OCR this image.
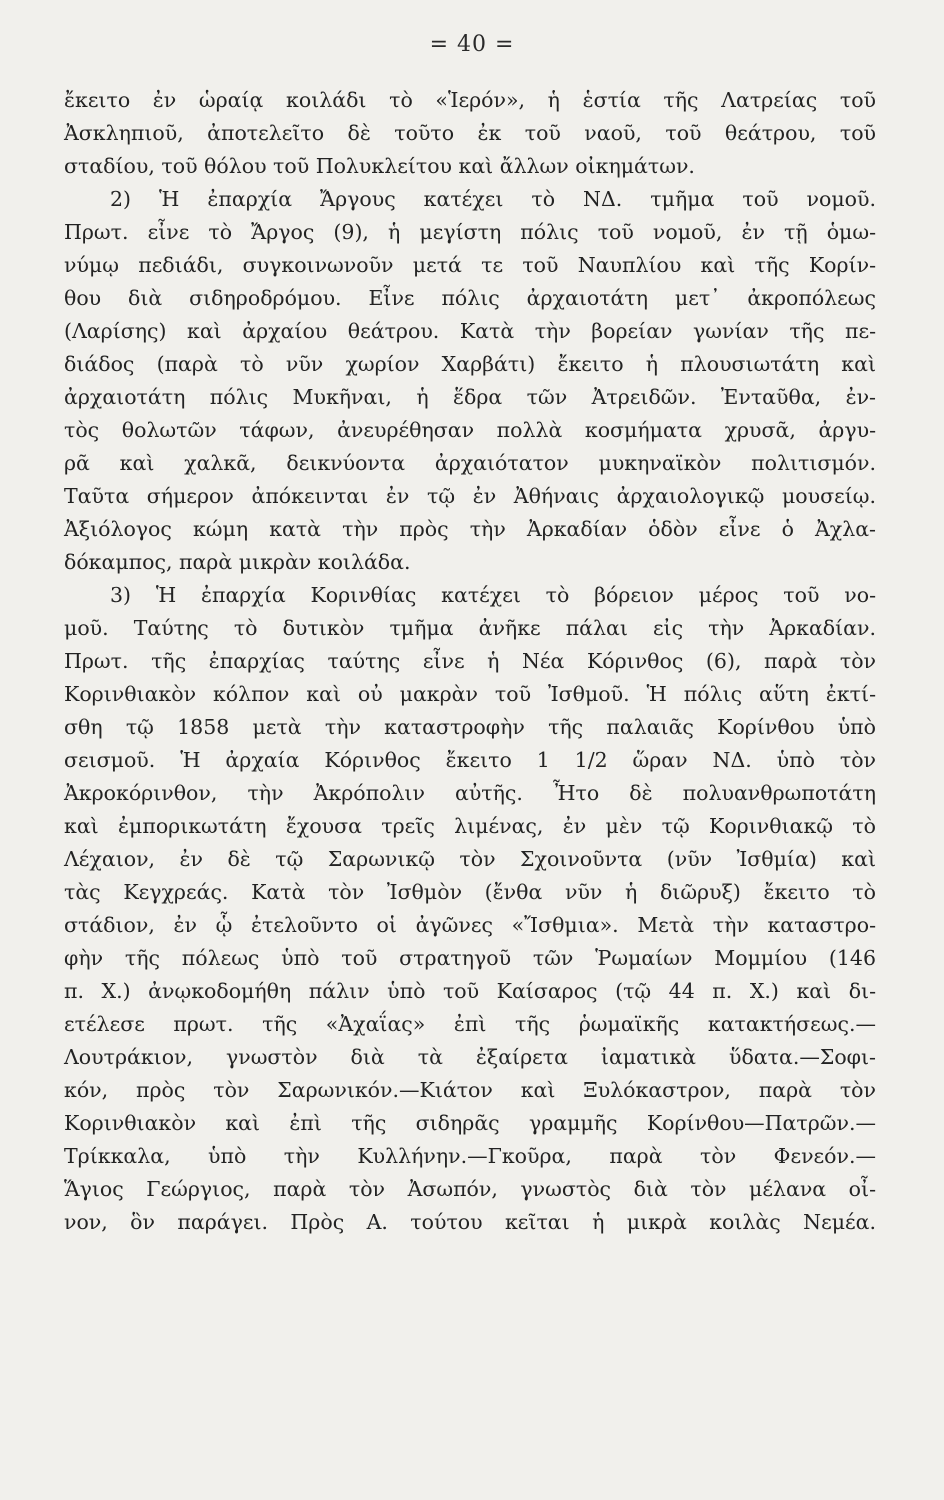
= 40 =
ἔκειτο ἐν ὡραίᾳ κοιλάδι τὸ «Ἱερόν», ἡ ἑστία τῆς Λατρείας τοῦ
Ἀσκληπιοῦ, ἀποτελεῖτο δὲ τοῦτο ἐκ τοῦ ναοῦ, τοῦ θεάτρου, τοῦ
σταδίου, τοῦ θόλου τοῦ Πολυκλείτου καὶ ἄλλων οἰκημάτων.
2) Ἡ ἐπαρχία Ἄργους κατέχει τὸ ΝΔ. τμῆμα τοῦ νομοῦ.
Πρωτ. εἶνε τὸ Ἄργος (9), ἡ μεγίστη πόλις τοῦ νομοῦ, ἐν τῇ ὁμω-
νύμῳ πεδιάδι, συγκοινωνοῦν μετά τε τοῦ Ναυπλίου καὶ τῆς Κορίν-
θου διὰ σιδηροδρόμου. Εἶνε πόλις ἀρχαιοτάτη μετ᾽ ἀκροπόλεως
(Λαρίσης) καὶ ἀρχαίου θεάτρου. Κατὰ τὴν βορείαν γωνίαν τῆς πε-
διάδος (παρὰ τὸ νῦν χωρίον Χαρβάτι) ἔκειτο ἡ πλουσιωτάτη καὶ
ἀρχαιοτάτη πόλις Μυκῆναι, ἡ ἕδρα τῶν Ἀτρειδῶν. Ἐνταῦθα, ἐν-
τὸς θολωτῶν τάφων, ἀνευρέθησαν πολλὰ κοσμήματα χρυσᾶ, ἀργυ-
ρᾶ καὶ χαλκᾶ, δεικνύοντα ἀρχαιότατον μυκηναϊκὸν πολιτισμόν.
Ταῦτα σήμερον ἀπόκεινται ἐν τῷ ἐν Ἀθήναις ἀρχαιολογικῷ μουσείῳ.
Ἀξιόλογος κώμη κατὰ τὴν πρὸς τὴν Ἀρκαδίαν ὁδὸν εἶνε ὁ Ἀχλα-
δόκαμπος, παρὰ μικρὰν κοιλάδα.
3) Ἡ ἐπαρχία Κορινθίας κατέχει τὸ βόρειον μέρος τοῦ νο-
μοῦ. Ταύτης τὸ δυτικὸν τμῆμα ἀνῆκε πάλαι εἰς τὴν Ἀρκαδίαν.
Πρωτ. τῆς ἐπαρχίας ταύτης εἶνε ἡ Νέα Κόρινθος (6), παρὰ τὸν
Κορινθιακὸν κόλπον καὶ οὐ μακρὰν τοῦ Ἰσθμοῦ. Ἡ πόλις αὕτη ἐκτί-
σθη τῷ 1858 μετὰ τὴν καταστροφὴν τῆς παλαιᾶς Κορίνθου ὑπὸ
σεισμοῦ. Ἡ ἀρχαία Κόρινθος ἔκειτο 1 1/2 ὥραν ΝΔ. ὑπὸ τὸν
Ἀκροκόρινθον, τὴν Ἀκρόπολιν αὐτῆς. Ἦτο δὲ πολυανθρωποτάτη
καὶ ἐμπορικωτάτη ἔχουσα τρεῖς λιμένας, ἐν μὲν τῷ Κορινθιακῷ τὸ
Λέχαιον, ἐν δὲ τῷ Σαρωνικῷ τὸν Σχοινοῦντα (νῦν Ἰσθμία) καὶ
τὰς Κεγχρεάς. Κατὰ τὸν Ἰσθμὸν (ἔνθα νῦν ἡ διῶρυξ) ἔκειτο τὸ
στάδιον, ἐν ᾧ ἐτελοῦντο οἱ ἀγῶνες «Ἴσθμια». Μετὰ τὴν καταστρο-
φὴν τῆς πόλεως ὑπὸ τοῦ στρατηγοῦ τῶν Ῥωμαίων Μομμίου (146
π. Χ.) ἀνῳκοδομήθη πάλιν ὑπὸ τοῦ Καίσαρος (τῷ 44 π. Χ.) καὶ δι-
ετέλεσε πρωτ. τῆς «Ἀχαΐας» ἐπὶ τῆς ῥωμαϊκῆς κατακτήσεως.—
Λουτράκιον, γνωστὸν διὰ τὰ ἐξαίρετα ἰαματικὰ ὕδατα.—Σοφι-
κόν, πρὸς τὸν Σαρωνικόν.—Κιάτον καὶ Ξυλόκαστρον, παρὰ τὸν
Κορινθιακὸν καὶ ἐπὶ τῆς σιδηρᾶς γραμμῆς Κορίνθου—Πατρῶν.—
Τρίκκαλα, ὑπὸ τὴν Κυλλήνην.—Γκοῦρα, παρὰ τὸν Φενεόν.—
Ἅγιος Γεώργιος, παρὰ τὸν Ἀσωπόν, γνωστὸς διὰ τὸν μέλανα οἶ-
νον, ὃν παράγει. Πρὸς Α. τούτου κεῖται ἡ μικρὰ κοιλὰς Νεμέα.
